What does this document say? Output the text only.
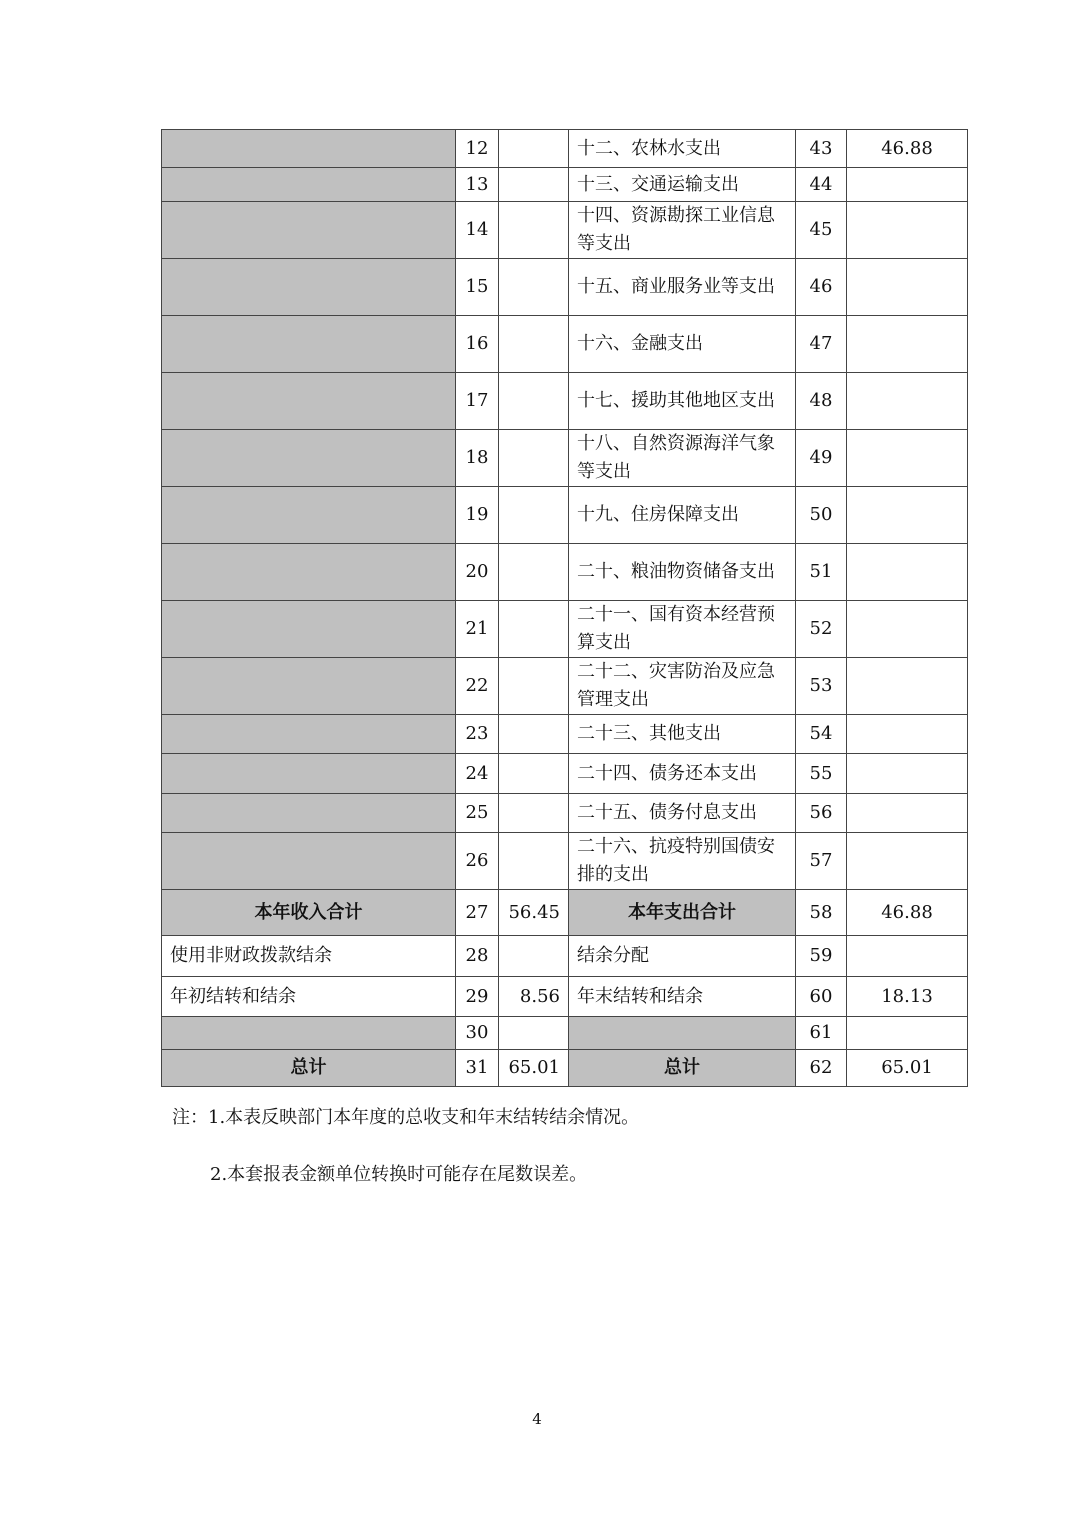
	12		十二、农林水支出	43	46.88
	13		十三、交通运输支出	44	
	14		十四、资源勘探工业信息等支出	45	
	15		十五、商业服务业等支出	46	
	16		十六、金融支出	47	
	17		十七、援助其他地区支出	48	
	18		十八、自然资源海洋气象等支出	49	
	19		十九、住房保障支出	50	
	20		二十、粮油物资储备支出	51	
	21		二十一、国有资本经营预算支出	52	
	22		二十二、灾害防治及应急管理支出	53	
	23		二十三、其他支出	54	
	24		二十四、债务还本支出	55	
	25		二十五、债务付息支出	56	
	26		二十六、抗疫特别国债安排的支出	57	
本年收入合计	27	56.45	本年支出合计	58	46.88
使用非财政拨款结余	28		结余分配	59	
年初结转和结余	29	8.56	年末结转和结余	60	18.13
	30			61	
总计	31	65.01	总计	62	65.01

注：1.本表反映部门本年度的总收支和年末结转结余情况。

2.本套报表金额单位转换时可能存在尾数误差。
4
